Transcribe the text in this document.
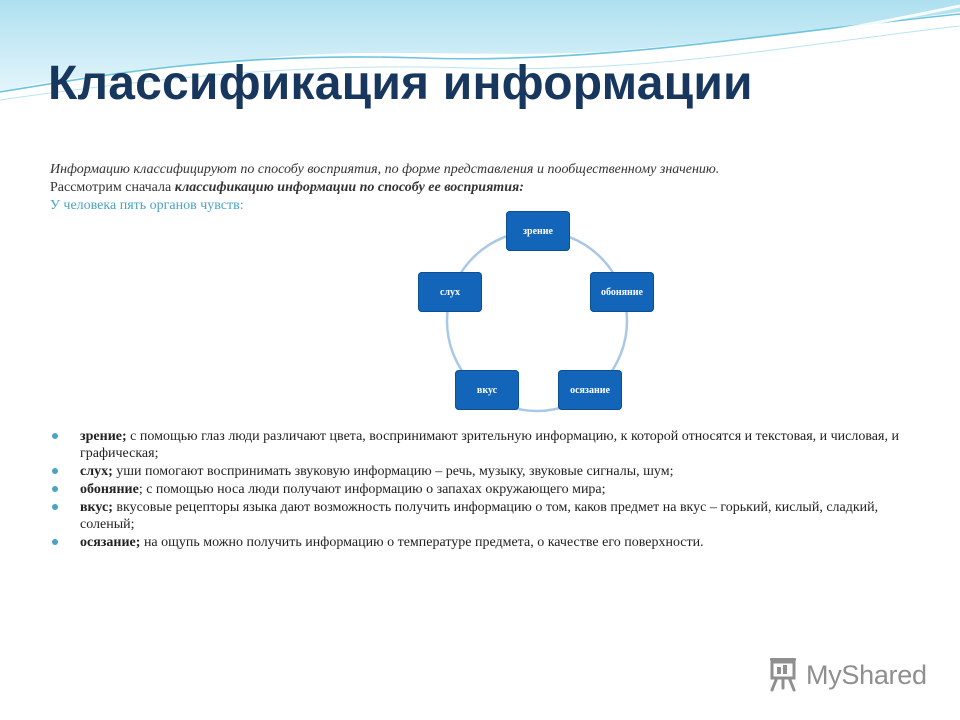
Классификация информации

Информацию классифицируют по способу восприятия, по форме представления и пообщественному значению.

Рассмотрим сначала классификацию информации по способу ее восприятия:

У человека пять органов чувств:

зрение
обоняние
осязание
вкус
слух
зрение; с помощью глаз люди различают цвета, воспринимают зрительную информацию, к которой относятся и текстовая, и числовая, и графическая;
слух; уши помогают воспринимать звуковую информацию – речь, музыку, звуковые сигналы, шум;
обоняние; с помощью носа люди получают информацию о запахах окружающего мира;
вкус; вкусовые рецепторы языка дают возможность получить информацию о том, каков предмет на вкус – горький, кислый, сладкий, соленый;
осязание; на ощупь можно получить информацию о температуре предмета, о качестве его поверхности.
MyShared
